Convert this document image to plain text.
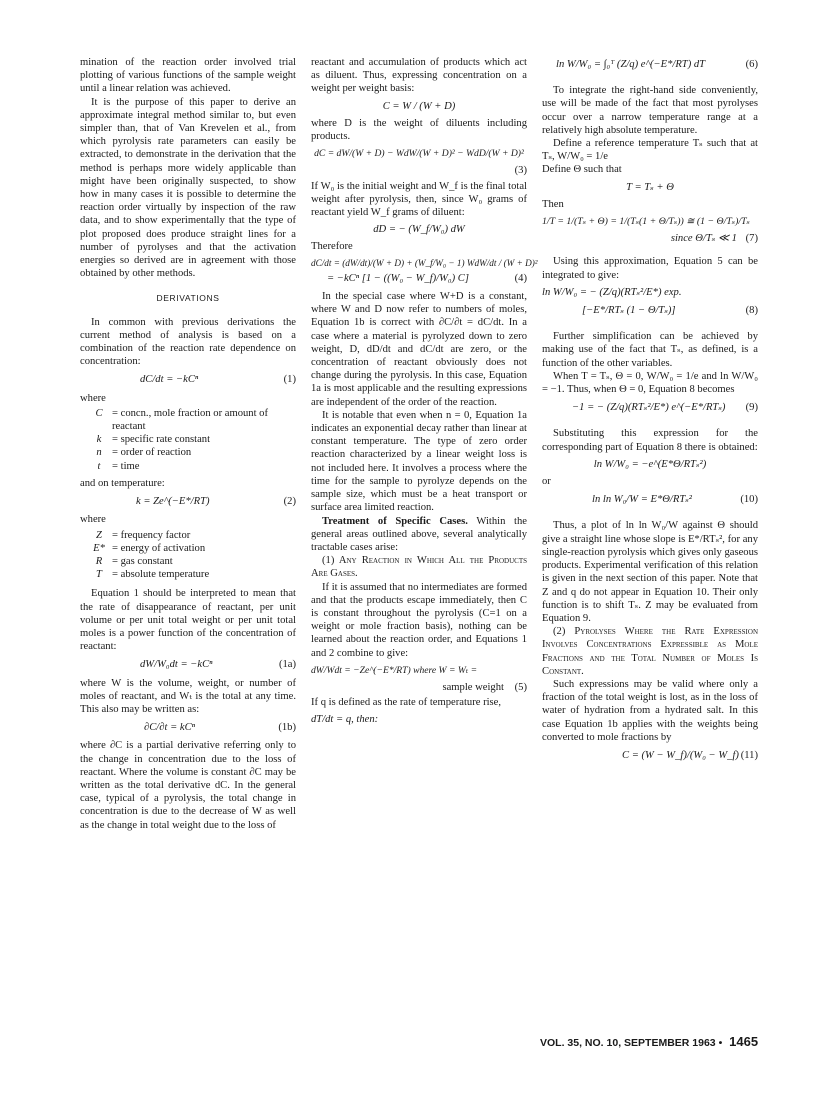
mination of the reaction order involved trial plotting of various functions of the sample weight until a linear relation was achieved.

It is the purpose of this paper to derive an approximate integral method similar to, but even simpler than, that of Van Krevelen et al., from which pyrolysis rate parameters can easily be extracted, to demonstrate in the derivation that the method is perhaps more widely applicable than might have been originally suspected, to show how in many cases it is possible to determine the reaction order virtually by inspection of the raw data, and to show experimentally that the type of plot proposed does produce straight lines for a number of pyrolyses and that the activation energies so derived are in agreement with those obtained by other methods.

DERIVATIONS

In common with previous derivations the current method of analysis is based on a combination of the reaction rate dependence on concentration:

dC/dt = −kCⁿ	(1)

where

C = concn., mole fraction or amount of reactant
k	= specific rate constant
n = order of reaction
t	= time

and on temperature:

k = Ze^(−E*/RT)	(2)

where

Z = frequency factor
E* = energy of activation
R = gas constant
T = absolute temperature

Equation 1 should be interpreted to mean that the rate of disappearance of reactant, per unit volume or per unit total weight or per unit total moles is a power function of the concentration of reactant:

dW/W₀dt = −kCⁿ	(1a)

where W is the volume, weight, or number of moles of reactant, and Wₜ is the total at any time. This also may be written as:

∂C/∂t = kCⁿ	(1b)

where ∂C is a partial derivative referring only to the change in concentration due to the loss of reactant. Where the volume is constant ∂C may be written as the total derivative dC. In the general case, typical of a pyrolysis, the total change in concentration is due to the decrease of W as well as the change in total weight due to the loss of

reactant and accumulation of products which act as diluent. Thus, expressing concentration on a weight per weight basis:

C = W / (W + D)

where D is the weight of diluents including products.

dC = dW/(W + D) − WdW/(W + D)² − WdD/(W + D)²
(3)

If W₀ is the initial weight and W_f is the final total weight after pyrolysis, then, since W₀ grams of reactant yield W_f grams of diluent:

dD = − (W_f/W₀) dW

Therefore

dC/dt = (dW/dt)/(W + D) + (W_f/W₀ − 1) WdW/dt / (W + D)²
= −kCⁿ [1 − ((W₀ − W_f)/W₀) C]	(4)

In the special case where W+D is a constant, where W and D now refer to numbers of moles, Equation 1b is correct with ∂C/∂t = dC/dt. In a case where a material is pyrolyzed down to zero weight, D, dD/dt and dC/dt are zero, or the concentration of reactant obviously does not change during the pyrolysis. In this case, Equation 1a is most applicable and the resulting expressions are independent of the order of the reaction.

It is notable that even when n = 0, Equation 1a indicates an exponential decay rather than linear at constant temperature. The type of zero order reaction characterized by a linear weight loss is not included here. It involves a process where the time for the sample to pyrolyze depends on the sample size, which must be a heat transport or surface area limited reaction.

Treatment of Specific Cases. Within the general areas outlined above, several analytically tractable cases arise:

(1) Any Reaction in Which All the Products Are Gases.

If it is assumed that no intermediates are formed and that the products escape immediately, then C is constant throughout the pyrolysis (C=1 on a weight or mole fraction basis), nothing can be learned about the reaction order, and Equations 1 and 2 combine to give:

dW/Wdt = −Ze^(−E*/RT) where W = Wₜ =
sample weight (5)

If q is defined as the rate of temperature rise,

dT/dt = q, then:
ln W/W₀ = ∫₀ᵀ (Z/q) e^(−E*/RT) dT	(6)

To integrate the right-hand side conveniently, use will be made of the fact that most pyrolyses occur over a narrow temperature range at a relatively high absolute temperature.

Define a reference temperature Tₛ such that at Tₛ, W/W₀ = 1/e

Define Θ such that

T = Tₛ + Θ

Then

1/T = 1/(Tₛ + Θ) = 1/(Tₛ(1 + Θ/Tₛ)) ≅ (1 − Θ/Tₛ)/Tₛ
since Θ/Tₛ ≪ 1 (7)

Using this approximation, Equation 5 can be integrated to give:

ln W/W₀ = − (Z/q)(RTₛ²/E*) exp.
[−E*/RTₛ (1 − Θ/Tₛ)]	(8)

Further simplification can be achieved by making use of the fact that Tₛ, as defined, is a function of the other variables.

When T = Tₛ, Θ = 0, W/W₀ = 1/e and ln W/W₀ = −1. Thus, when Θ = 0, Equation 8 becomes

−1 = − (Z/q)(RTₛ²/E*) e^(−E*/RTₛ) (9)

Substituting this expression for the corresponding part of Equation 8 there is obtained:

ln W/W₀ = −e^(E*Θ/RTₛ²)

or

ln ln W₀/W = E*Θ/RTₛ²	(10)

Thus, a plot of ln ln W₀/W against Θ should give a straight line whose slope is E*/RTₛ², for any single-reaction pyrolysis which gives only gaseous products. Experimental verification of this relation is given in the next section of this paper. Note that Z and q do not appear in Equation 10. Their only function is to shift Tₛ. Z may be evaluated from Equation 9.

(2) Pyrolyses Where the Rate Expression Involves Concentrations Expressible as Mole Fractions and the Total Number of Moles Is Constant.

Such expressions may be valid where only a fraction of the total weight is lost, as in the loss of water of hydration from a hydrated salt. In this case Equation 1b applies with the weights being converted to mole fractions by

C = (W − W_f)/(W₀ − W_f) (11)
VOL. 35, NO. 10, SEPTEMBER 1963 • 1465
